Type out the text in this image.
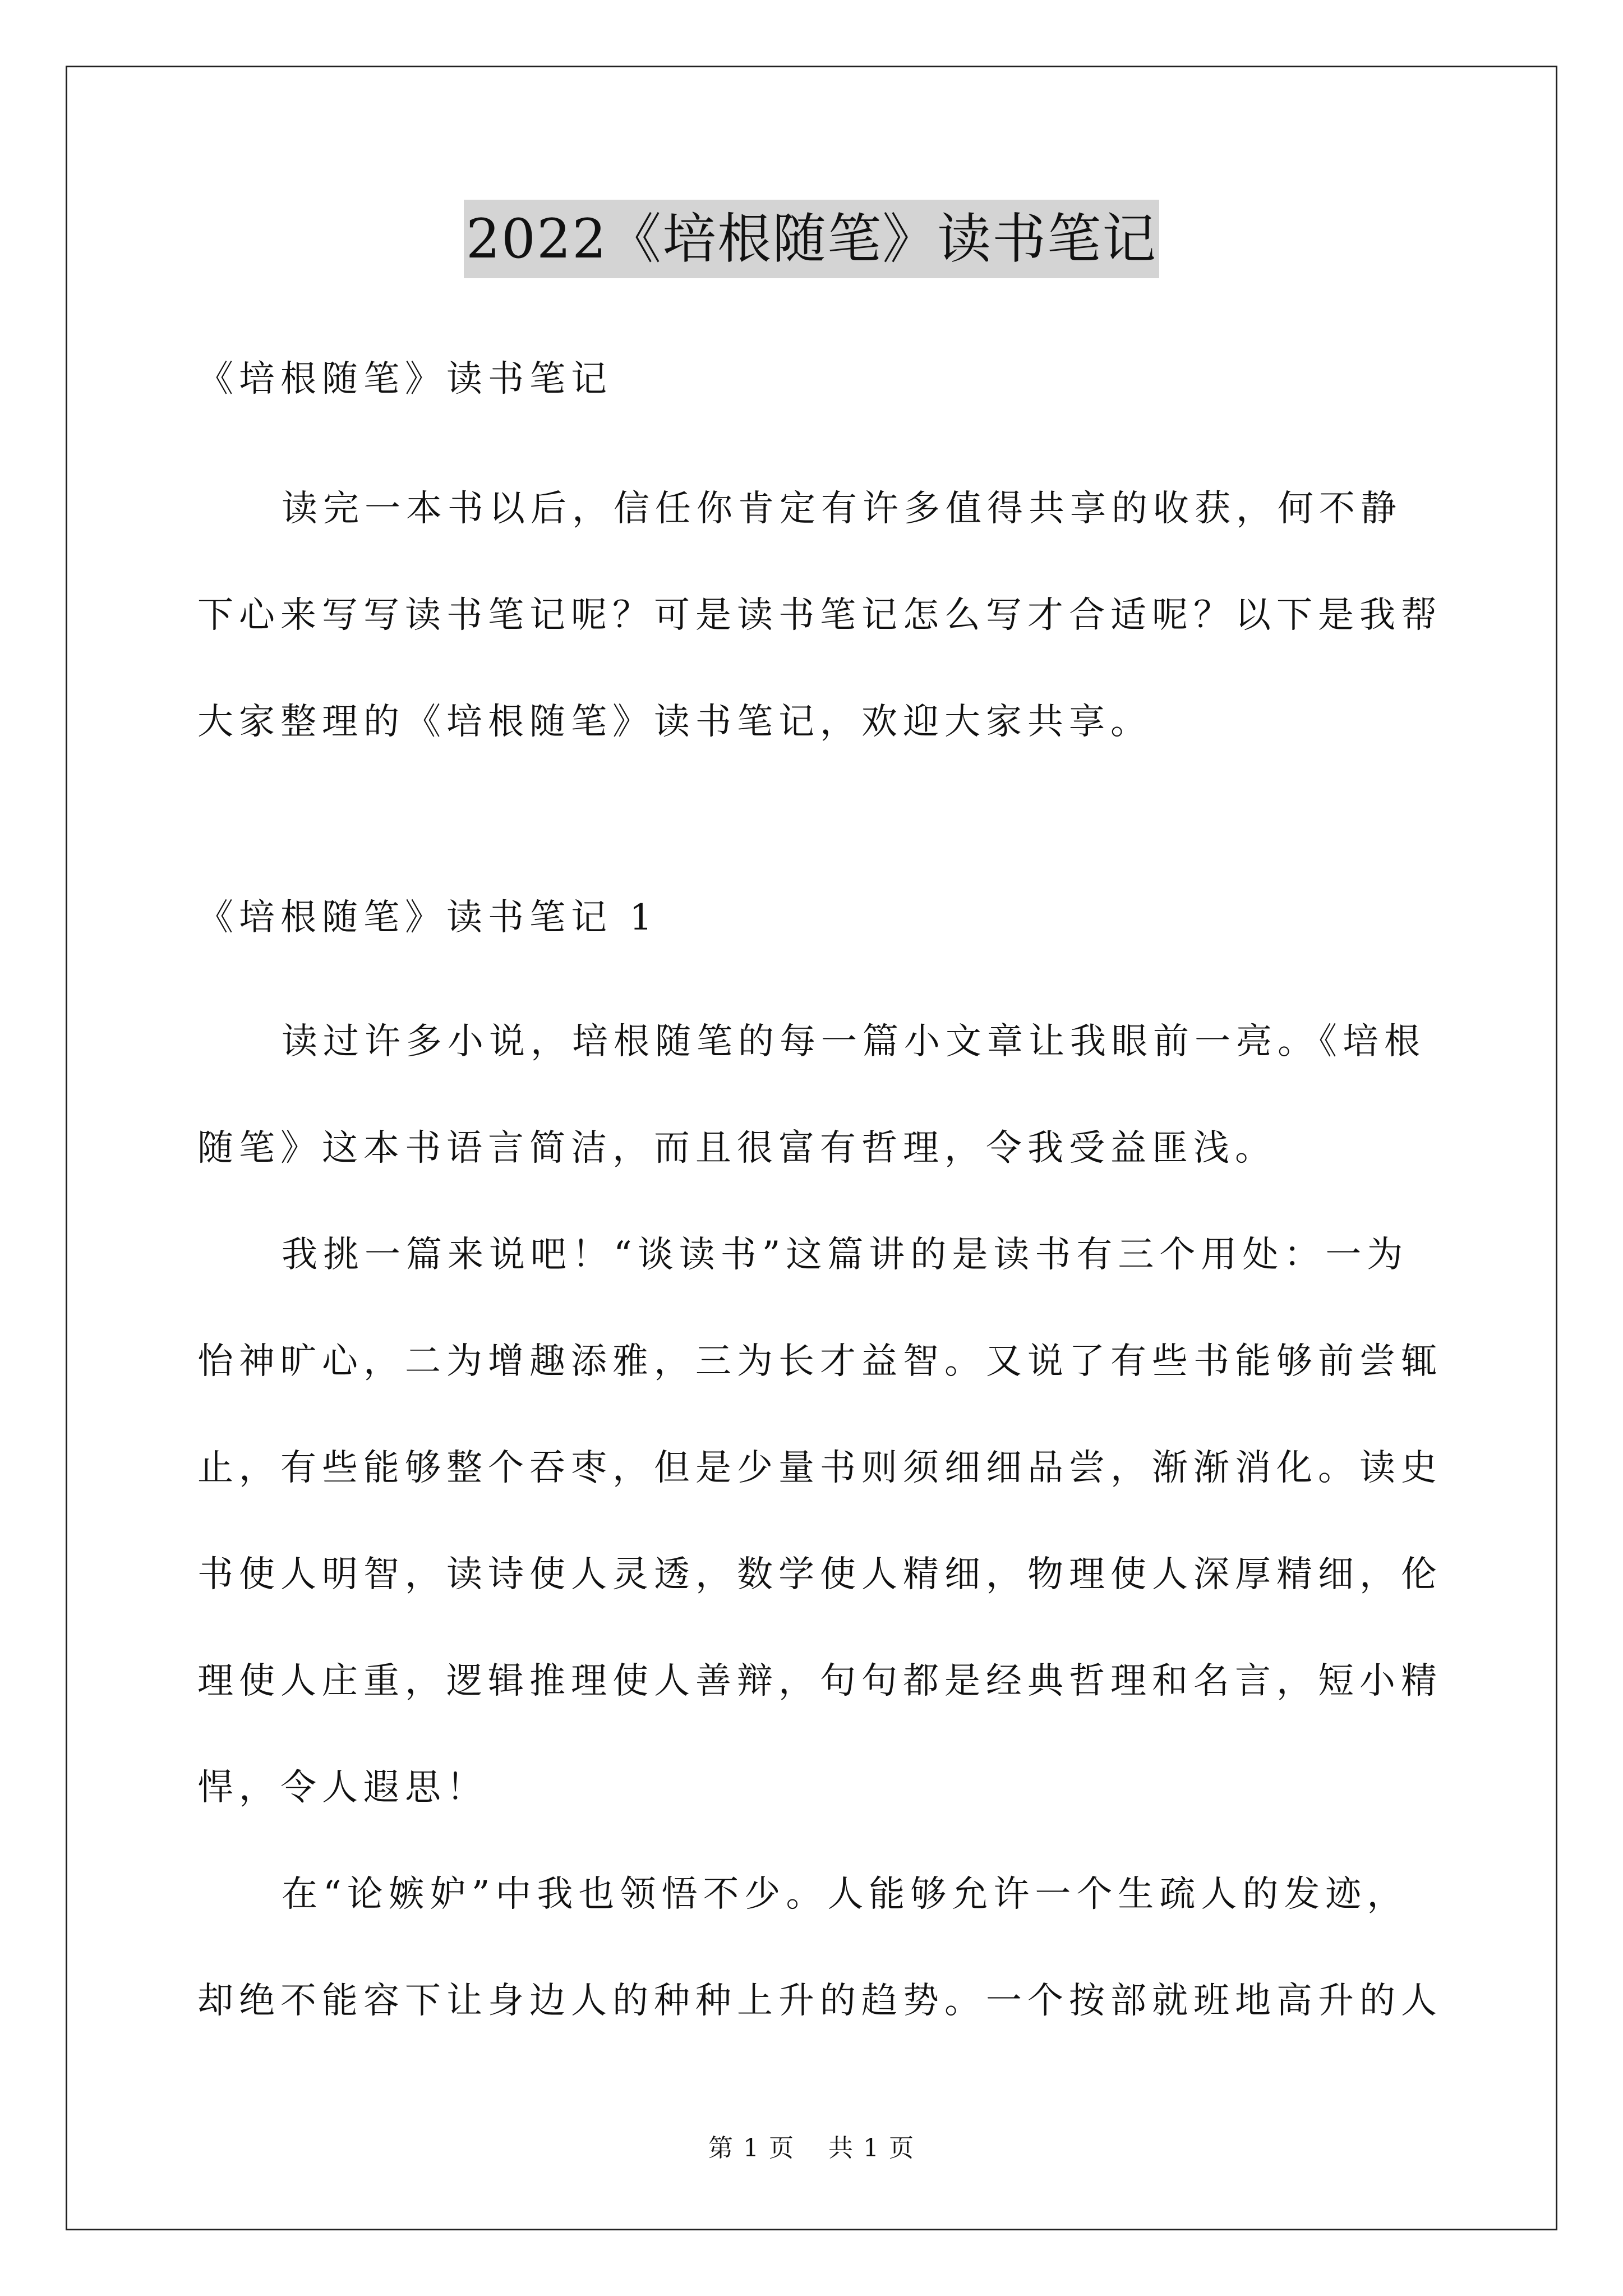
2022《培根随笔》读书笔记
《培根随笔》读书笔记

读完一本书以后，信任你肯定有许多值得共享的收获，何不静下心来写写读书笔记呢？可是读书笔记怎么写才合适呢？以下是我帮大家整理的《培根随笔》读书笔记，欢迎大家共享。

《培根随笔》读书笔记 1

读过许多小说，培根随笔的每一篇小文章让我眼前一亮。《培根随笔》这本书语言简洁，而且很富有哲理，令我受益匪浅。

我挑一篇来说吧！“谈读书”这篇讲的是读书有三个用处：一为怡神旷心，二为增趣添雅，三为长才益智。又说了有些书能够前尝辄止，有些能够整个吞枣，但是少量书则须细细品尝，渐渐消化。读史书使人明智，读诗使人灵透，数学使人精细，物理使人深厚精细，伦理使人庄重，逻辑推理使人善辩，句句都是经典哲理和名言，短小精悍，令人遐思！

在“论嫉妒”中我也领悟不少。人能够允许一个生疏人的发迹，却绝不能容下让身边人的种种上升的趋势。一个按部就班地高升的人

第 1 页 共 1 页
